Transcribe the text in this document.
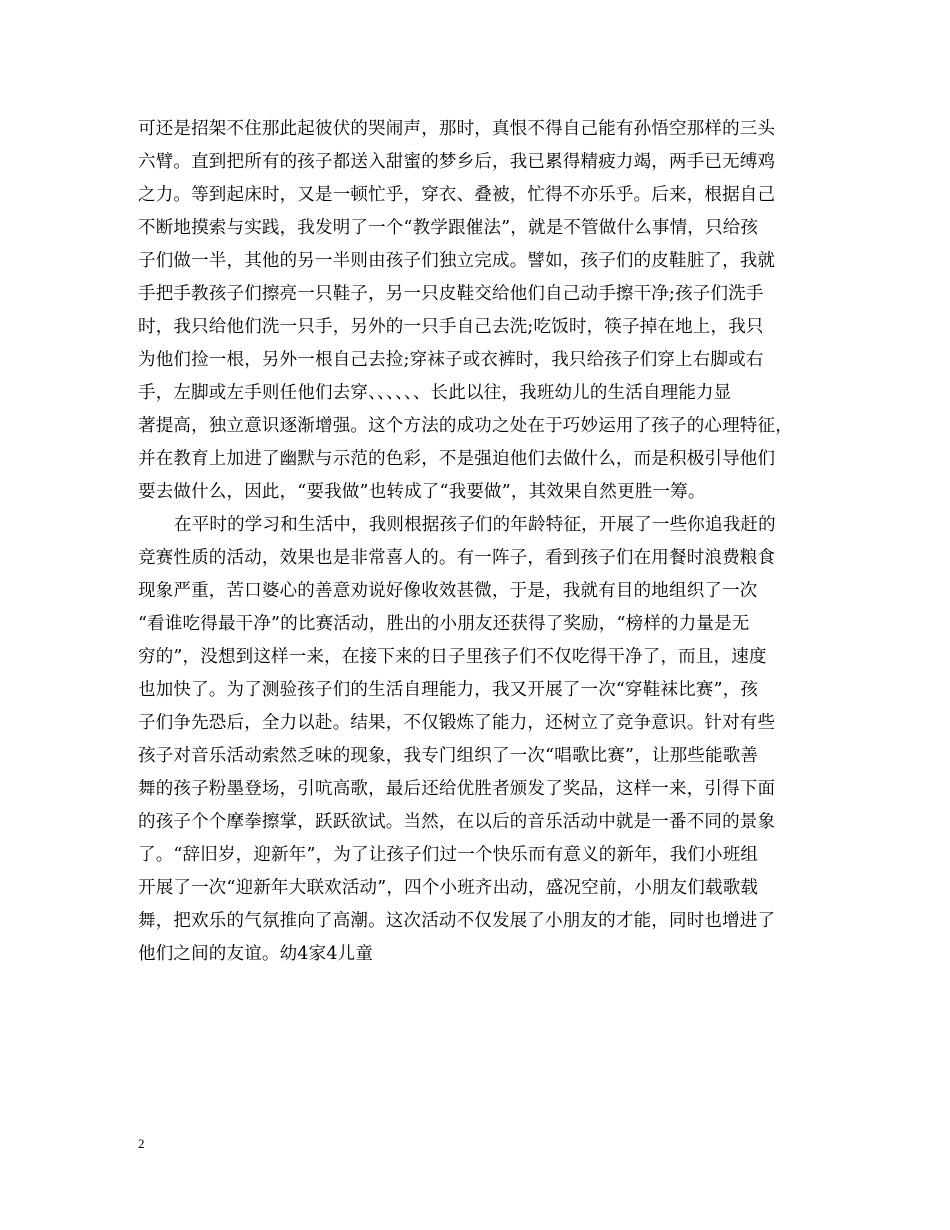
可还是招架不住那此起彼伏的哭闹声，那时，真恨不得自己能有孙悟空那样的三头
六臂。直到把所有的孩子都送入甜蜜的梦乡后，我已累得精疲力竭，两手已无缚鸡
之力。等到起床时，又是一顿忙乎，穿衣、叠被，忙得不亦乐乎。后来，根据自己
不断地摸索与实践，我发明了一个“教学跟催法”，就是不管做什么事情，只给孩
子们做一半，其他的另一半则由孩子们独立完成。譬如，孩子们的皮鞋脏了，我就
手把手教孩子们擦亮一只鞋子，另一只皮鞋交给他们自己动手擦干净;孩子们洗手
时，我只给他们洗一只手，另外的一只手自己去洗;吃饭时，筷子掉在地上，我只
为他们捡一根，另外一根自己去捡;穿袜子或衣裤时，我只给孩子们穿上右脚或右
手，左脚或左手则任他们去穿、、、、、、长此以往，我班幼儿的生活自理能力显
著提高，独立意识逐渐增强。这个方法的成功之处在于巧妙运用了孩子的心理特征，
并在教育上加进了幽默与示范的色彩，不是强迫他们去做什么，而是积极引导他们
要去做什么，因此，“要我做”也转成了“我要做”，其效果自然更胜一筹。
在平时的学习和生活中，我则根据孩子们的年龄特征，开展了一些你追我赶的
竞赛性质的活动，效果也是非常喜人的。有一阵子，看到孩子们在用餐时浪费粮食
现象严重，苦口婆心的善意劝说好像收效甚微，于是，我就有目的地组织了一次
“看谁吃得最干净”的比赛活动，胜出的小朋友还获得了奖励，“榜样的力量是无
穷的”，没想到这样一来，在接下来的日子里孩子们不仅吃得干净了，而且，速度
也加快了。为了测验孩子们的生活自理能力，我又开展了一次“穿鞋袜比赛”，孩
子们争先恐后，全力以赴。结果，不仅锻炼了能力，还树立了竞争意识。针对有些
孩子对音乐活动索然乏味的现象，我专门组织了一次“唱歌比赛”，让那些能歌善
舞的孩子粉墨登场，引吭高歌，最后还给优胜者颁发了奖品，这样一来，引得下面
的孩子个个摩拳擦掌，跃跃欲试。当然，在以后的音乐活动中就是一番不同的景象
了。“辞旧岁，迎新年”，为了让孩子们过一个快乐而有意义的新年，我们小班组
开展了一次“迎新年大联欢活动”，四个小班齐出动，盛况空前，小朋友们载歌载
舞，把欢乐的气氛推向了高潮。这次活动不仅发展了小朋友的才能，同时也增进了
他们之间的友谊。幼4家4儿童
2
